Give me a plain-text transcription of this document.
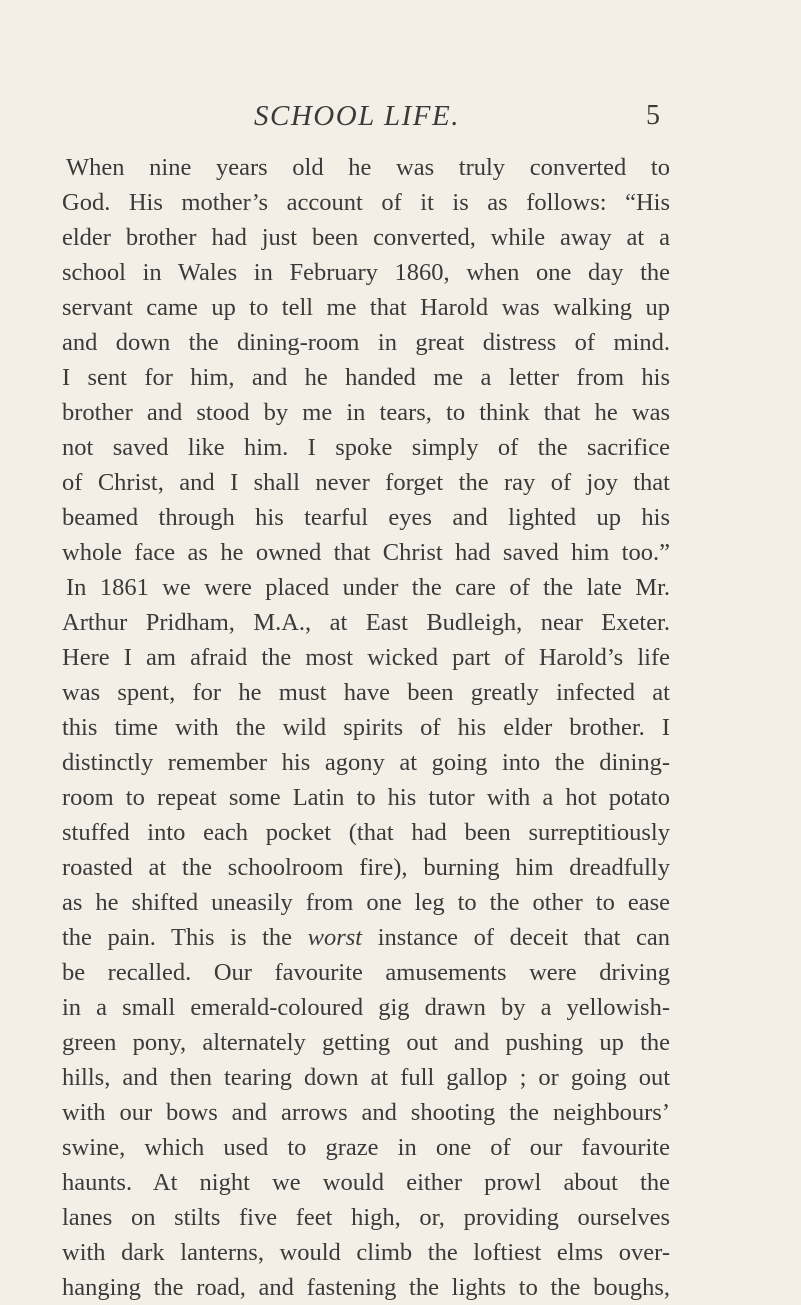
SCHOOL LIFE.	5
When nine years old he was truly converted to
God. His mother’s account of it is as follows: “His
elder brother had just been converted, while away at a
school in Wales in February 1860, when one day the
servant came up to tell me that Harold was walking up
and down the dining-room in great distress of mind.
I sent for him, and he handed me a letter from his
brother and stood by me in tears, to think that he was
not saved like him. I spoke simply of the sacrifice
of Christ, and I shall never forget the ray of joy that
beamed through his tearful eyes and lighted up his
whole face as he owned that Christ had saved him too.”
In 1861 we were placed under the care of the late Mr.
Arthur Pridham, M.A., at East Budleigh, near Exeter.
Here I am afraid the most wicked part of Harold’s life
was spent, for he must have been greatly infected at
this time with the wild spirits of his elder brother. I
distinctly remember his agony at going into the dining-
room to repeat some Latin to his tutor with a hot potato
stuffed into each pocket (that had been surreptitiously
roasted at the schoolroom fire), burning him dreadfully
as he shifted uneasily from one leg to the other to ease
the pain. This is the worst instance of deceit that can
be recalled. Our favourite amusements were driving
in a small emerald-coloured gig drawn by a yellowish-
green pony, alternately getting out and pushing up the
hills, and then tearing down at full gallop ; or going out
with our bows and arrows and shooting the neighbours’
swine, which used to graze in one of our favourite
haunts. At night we would either prowl about the
lanes on stilts five feet high, or, providing ourselves
with dark lanterns, would climb the loftiest elms over-
hanging the road, and fastening the lights to the boughs,
